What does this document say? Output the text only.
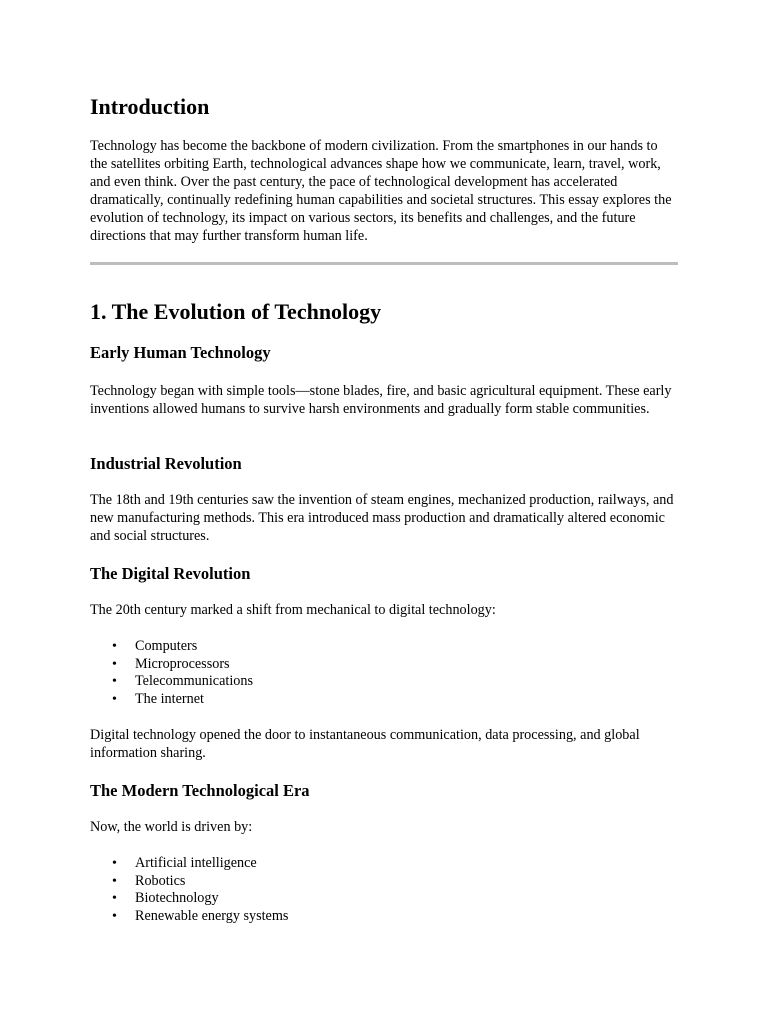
Introduction

Technology has become the backbone of modern civilization. From the smartphones in our hands to the satellites orbiting Earth, technological advances shape how we communicate, learn, travel, work, and even think. Over the past century, the pace of technological development has accelerated dramatically, continually redefining human capabilities and societal structures. This essay explores the evolution of technology, its impact on various sectors, its benefits and challenges, and the future directions that may further transform human life.

1. The Evolution of Technology
Early Human Technology

Technology began with simple tools—stone blades, fire, and basic agricultural equipment. These early inventions allowed humans to survive harsh environments and gradually form stable communities.

Industrial Revolution

The 18th and 19th centuries saw the invention of steam engines, mechanized production, railways, and new manufacturing methods. This era introduced mass production and dramatically altered economic and social structures.

The Digital Revolution

The 20th century marked a shift from mechanical to digital technology:

• Computers
• Microprocessors
• Telecommunications
• The internet

Digital technology opened the door to instantaneous communication, data processing, and global information sharing.

The Modern Technological Era

Now, the world is driven by:

• Artificial intelligence
• Robotics
• Biotechnology
• Renewable energy systems
